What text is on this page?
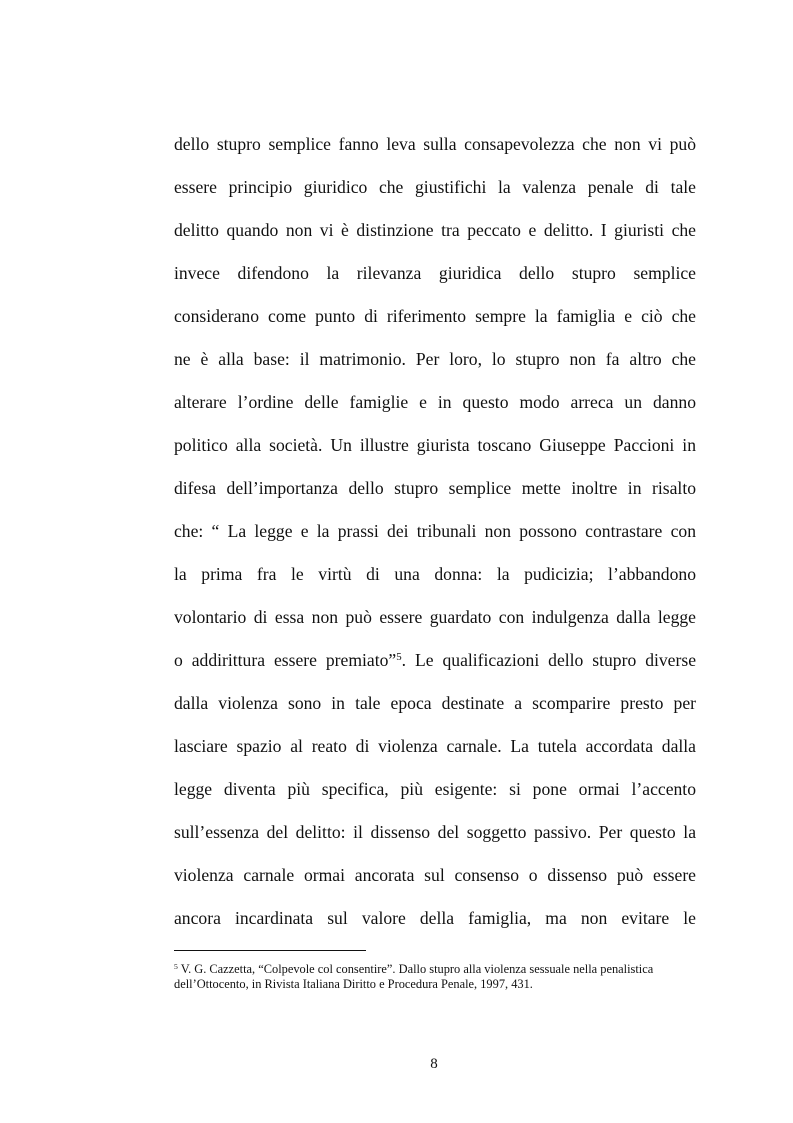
dello stupro semplice fanno leva sulla consapevolezza che non vi può
essere principio giuridico che giustifichi la valenza penale di tale
delitto quando non vi è distinzione tra peccato e delitto. I giuristi che
invece difendono la rilevanza giuridica dello stupro semplice
considerano come punto di riferimento sempre la famiglia e ciò che
ne è alla base: il matrimonio. Per loro, lo stupro non fa altro che
alterare l’ordine delle famiglie e in questo modo arreca un danno
politico alla società. Un illustre giurista toscano Giuseppe Paccioni in
difesa dell’importanza dello stupro semplice mette inoltre in risalto
che: “ La legge e la prassi dei tribunali non possono contrastare con
la prima fra le virtù di una donna: la pudicizia; l’abbandono
volontario di essa non può essere guardato con indulgenza dalla legge
o addirittura essere premiato”$^5$. Le qualificazioni dello stupro diverse
dalla violenza sono in tale epoca destinate a scomparire presto per
lasciare spazio al reato di violenza carnale. La tutela accordata dalla
legge diventa più specifica, più esigente: si pone ormai l’accento
sull’essenza del delitto: il dissenso del soggetto passivo. Per questo la
violenza carnale ormai ancorata sul consenso o dissenso può essere
ancora incardinata sul valore della famiglia, ma non evitare le
$^5$ V. G. Cazzetta, “Colpevole col consentire”. Dallo stupro alla violenza sessuale nella penalistica
dell’Ottocento, in Rivista Italiana Diritto e Procedura Penale, 1997, 431.
8
